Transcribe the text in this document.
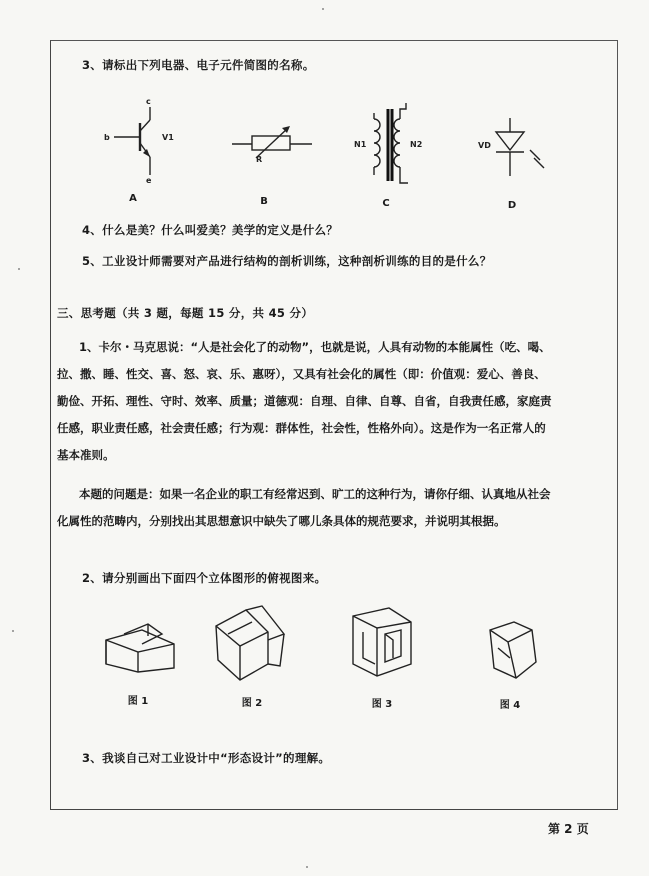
3、请标出下列电器、电子元件简图的名称。
c
b
e
V1
A
R
B
N1	N2
C
VD
D
4、什么是美？什么叫爱美？美学的定义是什么？
5、工业设计师需要对产品进行结构的剖析训练，这种剖析训练的目的是什么？
三、思考题（共 3 题，每题 15 分，共 45 分）
1、卡尔・马克思说：“人是社会化了的动物”，也就是说，人具有动物的本能属性（吃、喝、
拉、撒、睡、性交、喜、怒、哀、乐、惠呀），又具有社会化的属性（即：价值观：爱心、善良、
勤俭、开拓、理性、守时、效率、质量；道德观：自理、自律、自尊、自省，自我责任感，家庭责
任感，职业责任感，社会责任感；行为观：群体性，社会性，性格外向）。这是作为一名正常人的
基本准则。
本题的问题是：如果一名企业的职工有经常迟到、旷工的这种行为，请你仔细、认真地从社会
化属性的范畴内，分别找出其思想意识中缺失了哪儿条具体的规范要求，并说明其根据。
2、请分别画出下面四个立体图形的俯视图来。
图 1	图 2	图 3	图 4
3、我谈自己对工业设计中“形态设计”的理解。
第 2 页
